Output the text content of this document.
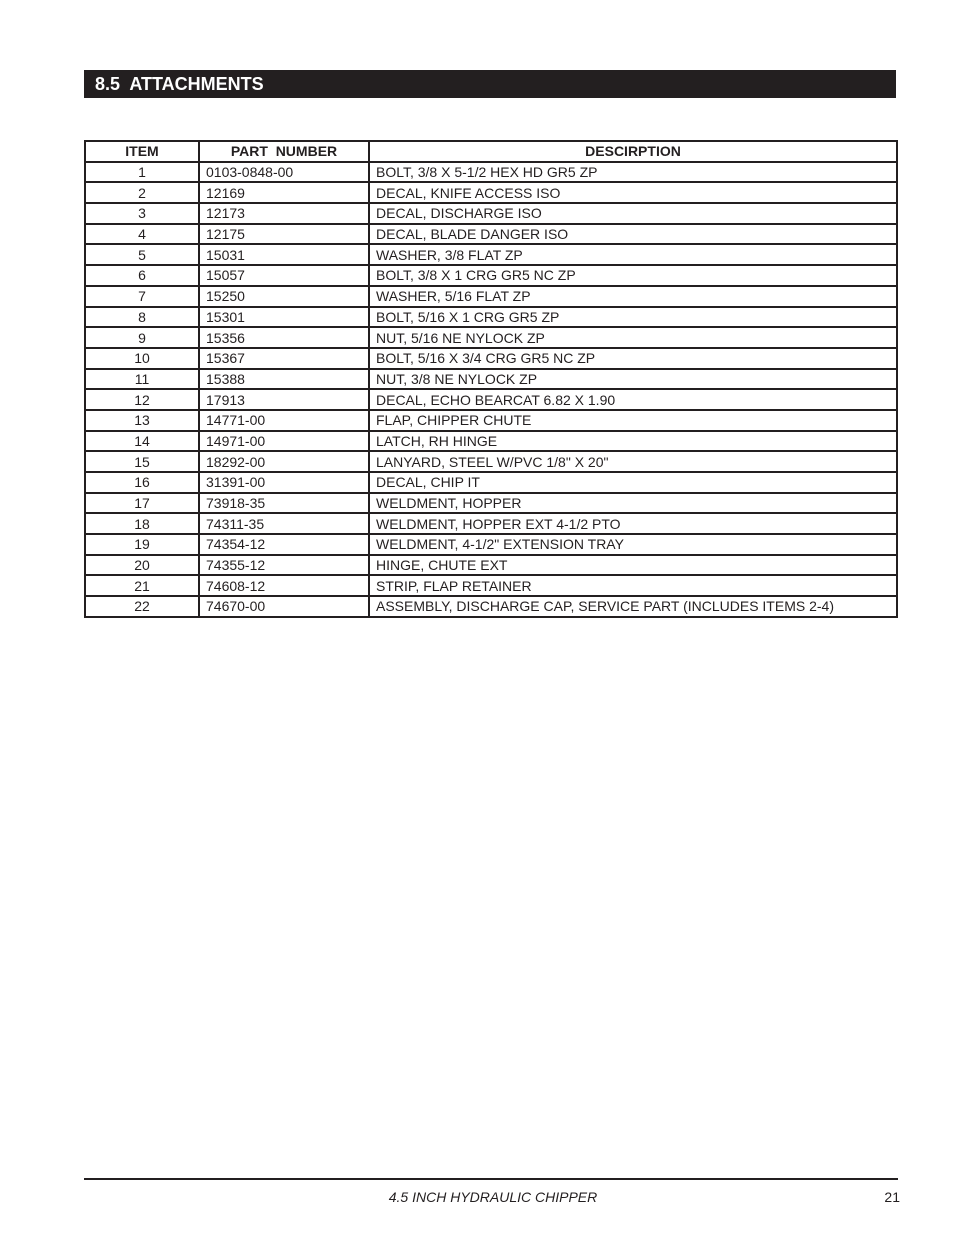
8.5  ATTACHMENTS
ITEM	PART  NUMBER	DESCIRPTION
1	0103-0848-00	BOLT, 3/8 X 5-1/2 HEX HD GR5 ZP
2	12169	DECAL, KNIFE ACCESS ISO
3	12173	DECAL, DISCHARGE ISO
4	12175	DECAL, BLADE DANGER ISO
5	15031	WASHER, 3/8 FLAT ZP
6	15057	BOLT, 3/8 X 1 CRG GR5 NC ZP
7	15250	WASHER, 5/16 FLAT ZP
8	15301	BOLT, 5/16 X 1 CRG GR5 ZP
9	15356	NUT, 5/16 NE NYLOCK ZP
10	15367	BOLT, 5/16 X 3/4 CRG GR5 NC ZP
11	15388	NUT, 3/8 NE NYLOCK ZP
12	17913	DECAL, ECHO BEARCAT 6.82 X 1.90
13	14771-00	FLAP, CHIPPER CHUTE
14	14971-00	LATCH, RH HINGE
15	18292-00	LANYARD, STEEL W/PVC 1/8" X 20"
16	31391-00	DECAL, CHIP IT
17	73918-35	WELDMENT, HOPPER
18	74311-35	WELDMENT, HOPPER EXT 4-1/2 PTO
19	74354-12	WELDMENT, 4-1/2" EXTENSION TRAY
20	74355-12	HINGE, CHUTE EXT
21	74608-12	STRIP, FLAP RETAINER
22	74670-00	ASSEMBLY, DISCHARGE CAP, SERVICE PART (INCLUDES ITEMS 2-4)
4.5 INCH HYDRAULIC CHIPPER	21
